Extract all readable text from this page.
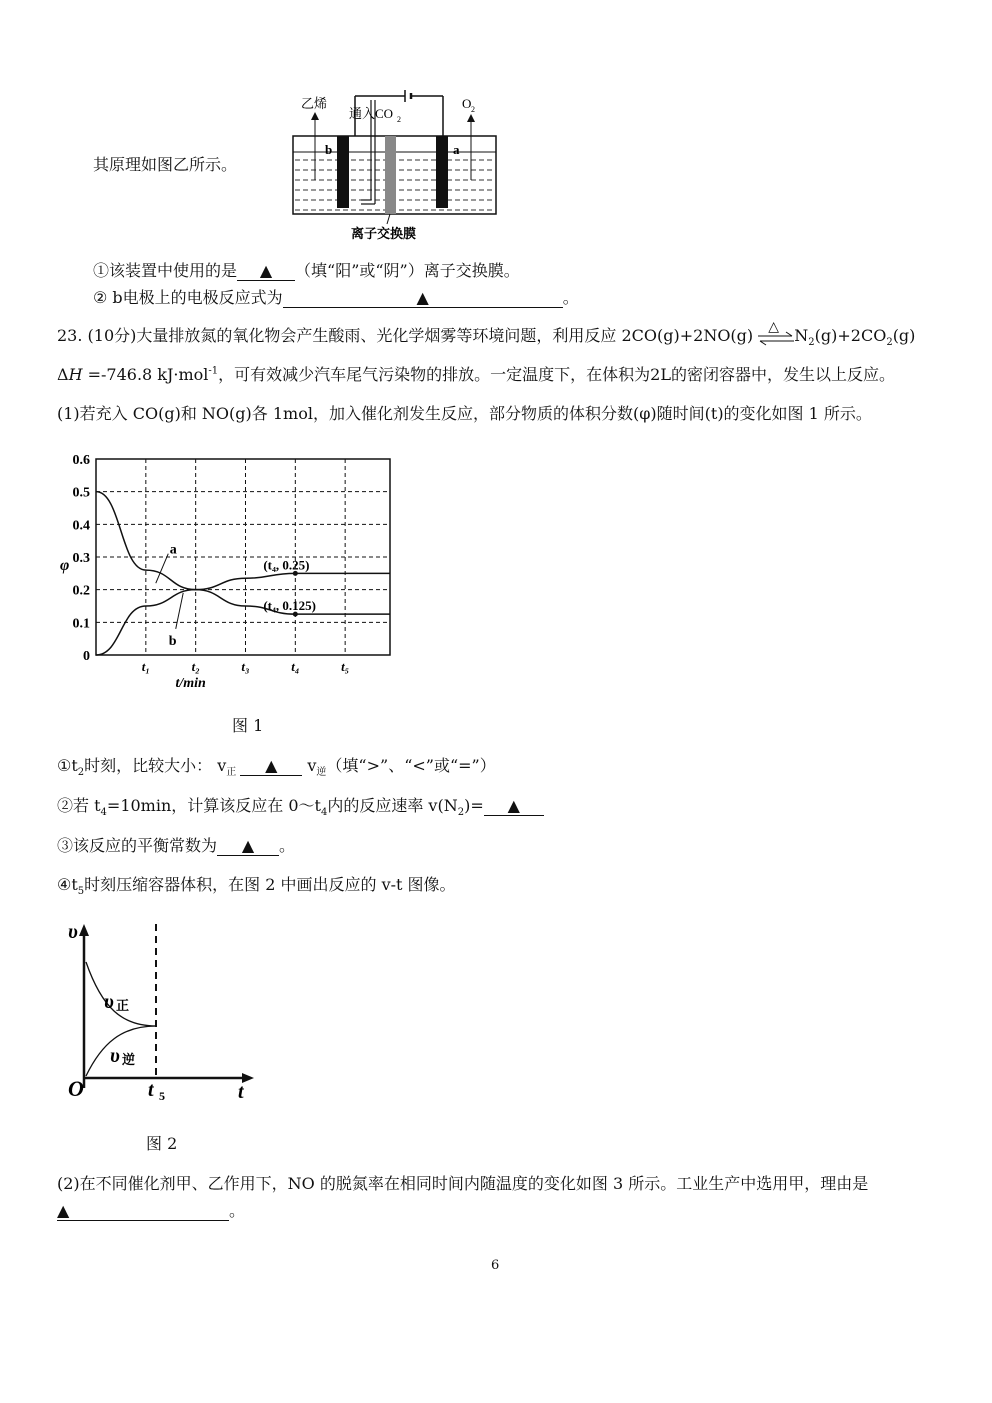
其原理如图乙所示。
乙烯
通入CO 2
O 2
b	a
离子交换膜
①该装置中使用的是 ▲ （填“阳”或“阴”）离子交换膜。
② b电极上的电极反应式为	▲	。
23. (10分)大量排放氮的氧化物会产生酸雨、光化学烟雾等环境问题，利用反应 2CO(g)+2NO(g) △ $N_2(g)+2CO_2(g)$
ΔH =-746.8 kJ·mol$^{-1}$，可有效减少汽车尾气污染物的排放。一定温度下，在体积为2L的密闭容器中，发生以上反应。
(1)若充入 CO(g)和 NO(g)各 1mol，加入催化剂发生反应，部分物质的体积分数(φ)随时间(t)的变化如图 1 所示。
0.6
0.5
0.4
0.3
0.2
0.1
0
t₁	t₂	t₃	t₄	t₅
φ
t/min
a
b
(t₄, 0.25)
(t₄, 0.125)
图 1
$①t_2$时刻，比较大小： $v_正$ ▲ $v_逆$（填“>”、“<”或“=”）
②若 $t_4=10\min$，计算该反应在 $0\sim t_4$内的反应速率 $v(N_2)=$ ▲
③该反应的平衡常数为 ▲ 。
$④t_5$时刻压缩容器体积，在图 2 中画出反应的 v-t 图像。
υ
O	t
t 5
υ 正
υ 逆
图 2
(2)在不同催化剂甲、乙作用下，NO 的脱氮率在相同时间内随温度的变化如图 3 所示。工业生产中选用甲，理由是
▲	。
6
